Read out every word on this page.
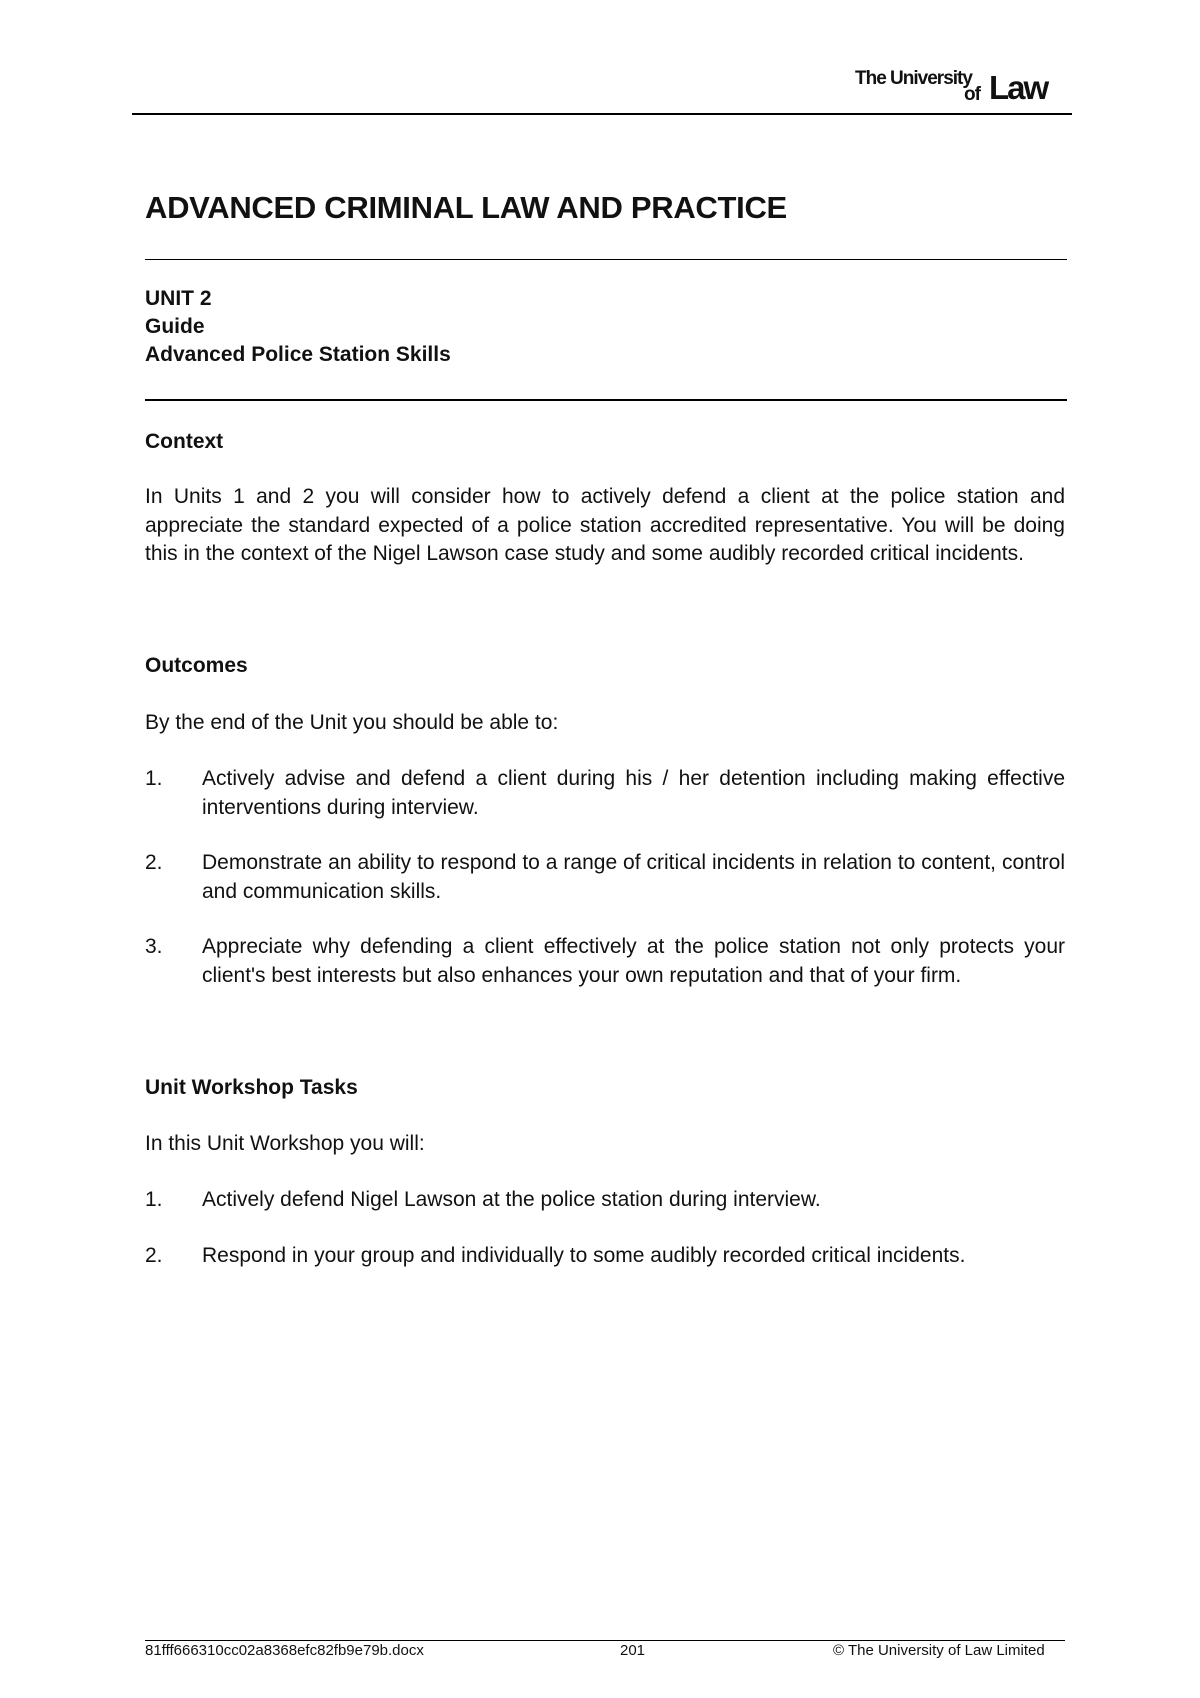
The University
of Law
ADVANCED CRIMINAL LAW AND PRACTICE
UNIT 2
Guide
Advanced Police Station Skills
Context

In Units 1 and 2 you will consider how to actively defend a client at the police station and appreciate the standard expected of a police station accredited representative. You will be doing this in the context of the Nigel Lawson case study and some audibly recorded critical incidents.

Outcomes

By the end of the Unit you should be able to:

1. Actively advise and defend a client during his / her detention including making effective interventions during interview.
2. Demonstrate an ability to respond to a range of critical incidents in relation to content, control and communication skills.
3. Appreciate why defending a client effectively at the police station not only protects your client's best interests but also enhances your own reputation and that of your firm.
Unit Workshop Tasks

In this Unit Workshop you will:

1. Actively defend Nigel Lawson at the police station during interview.
2. Respond in your group and individually to some audibly recorded critical incidents.
81fff666310cc02a8368efc82fb9e79b.docx	201	© The University of Law Limited
